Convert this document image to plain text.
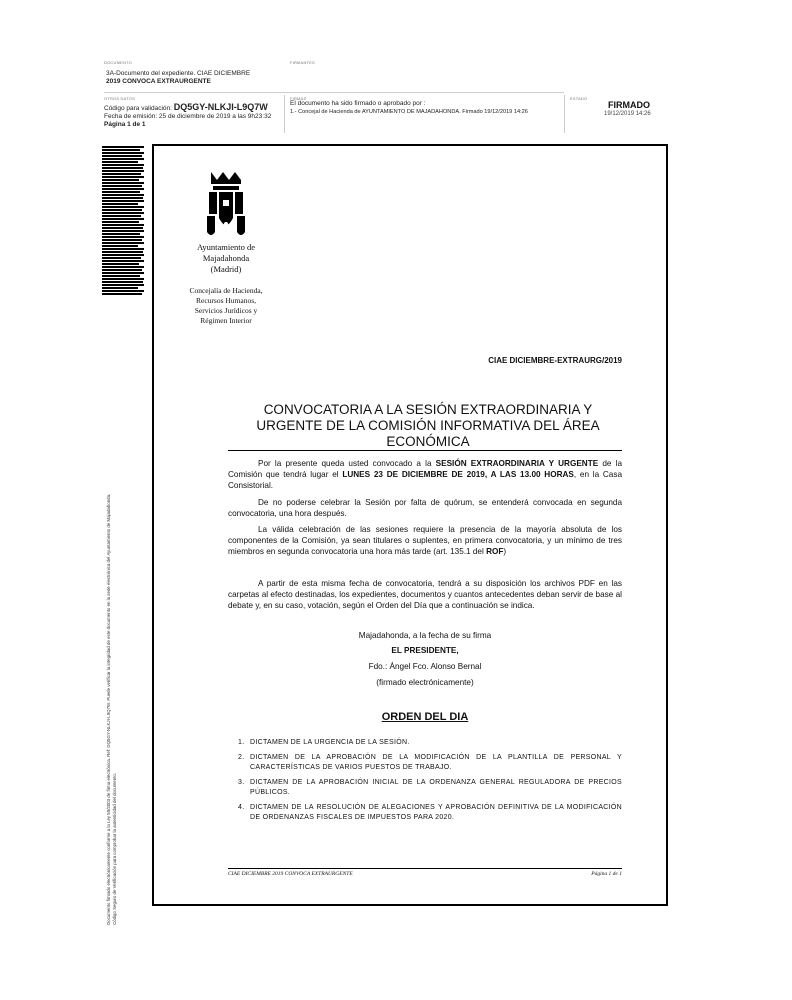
DOCUMENTO	FIRMANTES
3A-Documento del expediente. CIAE DICIEMBRE
2019 CONVOCA EXTRAURGENTE
OTROS DATOS
Código para validación: DQ5GY-NLKJI-L9Q7W
Fecha de emisión: 25 de diciembre de 2019 a las 9h23:32
Página 1 de 1
FIRMAS
El documento ha sido firmado o aprobado por :
1.- Concejal de Hacienda de AYUNTAMIENTO DE MAJADAHONDA. Firmado 19/12/2019 14:26
ESTADO
FIRMADO
19/12/2019 14:26
Documento firmado electrónicamente conforme a la Ley 59/2003 de firma electrónica. Ref: DQ5GY-NLKJI-L9Q7W. Puede verificar la integridad de este documento en la sede electrónica del Ayuntamiento de Majadahonda. Código Seguro de Verificación para comprobar la autenticidad del documento.
Ayuntamiento de
Majadahonda
(Madrid)
Concejalía de Hacienda,
Recursos Humanos,
Servicios Jurídicos y
Régimen Interior
CIAE DICIEMBRE-EXTRAURG/2019
CONVOCATORIA A LA SESIÓN EXTRAORDINARIA Y
URGENTE DE LA COMISIÓN INFORMATIVA DEL ÁREA
ECONÓMICA

Por la presente queda usted convocado a la SESIÓN EXTRAORDINARIA Y URGENTE de la Comisión que tendrá lugar el LUNES 23 DE DICIEMBRE DE 2019, A LAS 13.00 HORAS, en la Casa Consistorial.

De no poderse celebrar la Sesión por falta de quórum, se entenderá convocada en segunda convocatoria, una hora después.

La válida celebración de las sesiones requiere la presencia de la mayoría absoluta de los componentes de la Comisión, ya sean titulares o suplentes, en primera convocatoria, y un mínimo de tres miembros en segunda convocatoria una hora más tarde (art. 135.1 del ROF)

A partir de esta misma fecha de convocatoria, tendrá a su disposición los archivos PDF en las carpetas al efecto destinadas, los expedientes, documentos y cuantos antecedentes deban servir de base al debate y, en su caso, votación, según el Orden del Día que a continuación se indica.

Majadahonda, a la fecha de su firma
EL PRESIDENTE,
Fdo.: Ángel Fco. Alonso Bernal
(firmado electrónicamente)
ORDEN DEL DIA
1. DICTAMEN DE LA URGENCIA DE LA SESIÓN.
2. DICTAMEN DE LA APROBACIÓN DE LA MODIFICACIÓN DE LA PLANTILLA DE PERSONAL Y CARACTERÍSTICAS DE VARIOS PUESTOS DE TRABAJO.
3. DICTAMEN DE LA APROBACIÓN INICIAL DE LA ORDENANZA GENERAL REGULADORA DE PRECIOS PÚBLICOS.
4. DICTAMEN DE LA RESOLUCIÓN DE ALEGACIONES Y APROBACIÓN DEFINITIVA DE LA MODIFICACIÓN DE ORDENANZAS FISCALES DE IMPUESTOS PARA 2020.
CIAE DICIEMBRE 2019 CONVOCA EXTRAURGENTE	Página 1 de 1
